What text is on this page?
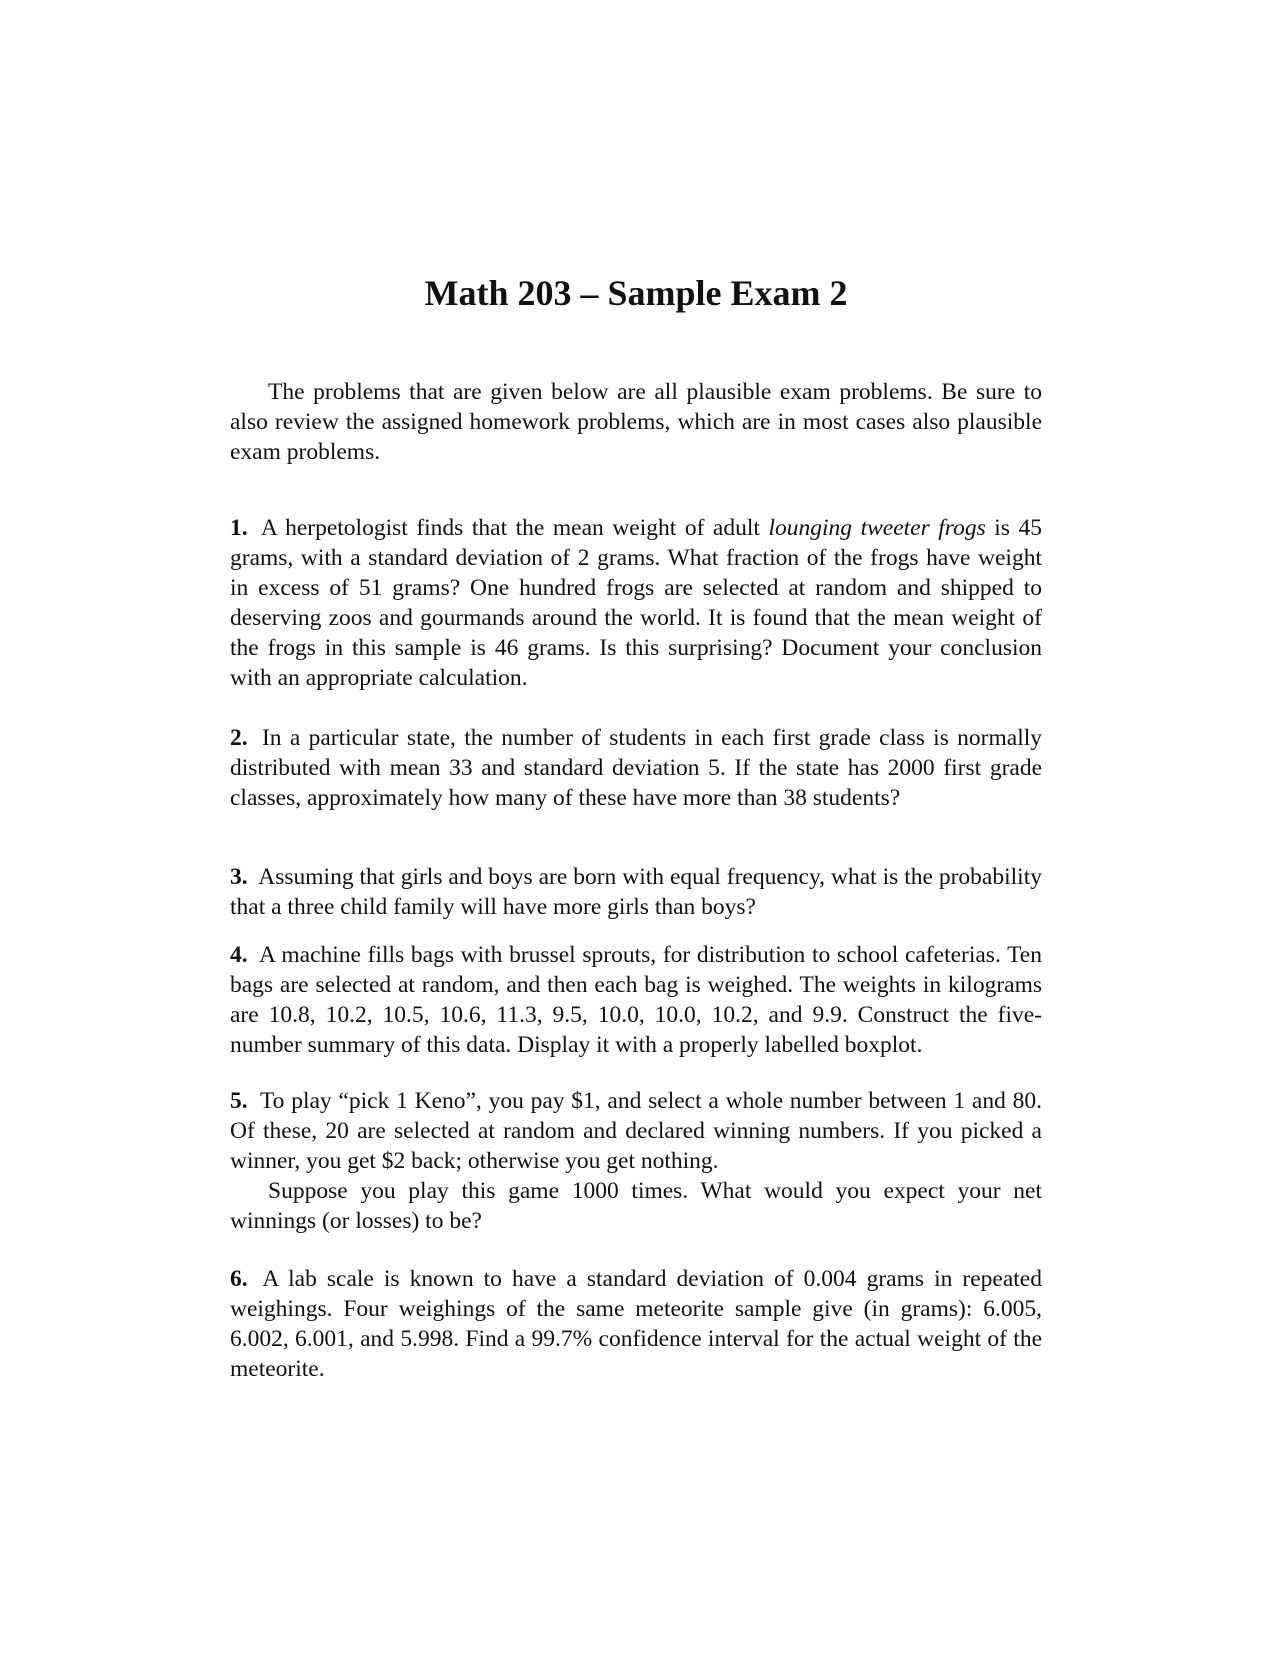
Math 203 – Sample Exam 2

The problems that are given below are all plausible exam problems. Be sure to also review the assigned homework problems, which are in most cases also plausible exam problems.

1. A herpetologist finds that the mean weight of adult lounging tweeter frogs is 45 grams, with a standard deviation of 2 grams. What fraction of the frogs have weight in excess of 51 grams? One hundred frogs are selected at random and shipped to deserving zoos and gourmands around the world. It is found that the mean weight of the frogs in this sample is 46 grams. Is this surprising? Document your conclusion with an appropriate calculation.

2. In a particular state, the number of students in each first grade class is normally distributed with mean 33 and standard deviation 5. If the state has 2000 first grade classes, approximately how many of these have more than 38 students?

3. Assuming that girls and boys are born with equal frequency, what is the probability that a three child family will have more girls than boys?

4. A machine fills bags with brussel sprouts, for distribution to school cafeterias. Ten bags are selected at random, and then each bag is weighed. The weights in kilograms are 10.8, 10.2, 10.5, 10.6, 11.3, 9.5, 10.0, 10.0, 10.2, and 9.9. Construct the five-number summary of this data. Display it with a properly labelled boxplot.

5. To play “pick 1 Keno”, you pay $1, and select a whole number between 1 and 80. Of these, 20 are selected at random and declared winning numbers. If you picked a winner, you get $2 back; otherwise you get nothing.

Suppose you play this game 1000 times. What would you expect your net winnings (or losses) to be?

6. A lab scale is known to have a standard deviation of 0.004 grams in repeated weighings. Four weighings of the same meteorite sample give (in grams): 6.005, 6.002, 6.001, and 5.998. Find a 99.7% confidence interval for the actual weight of the meteorite.
